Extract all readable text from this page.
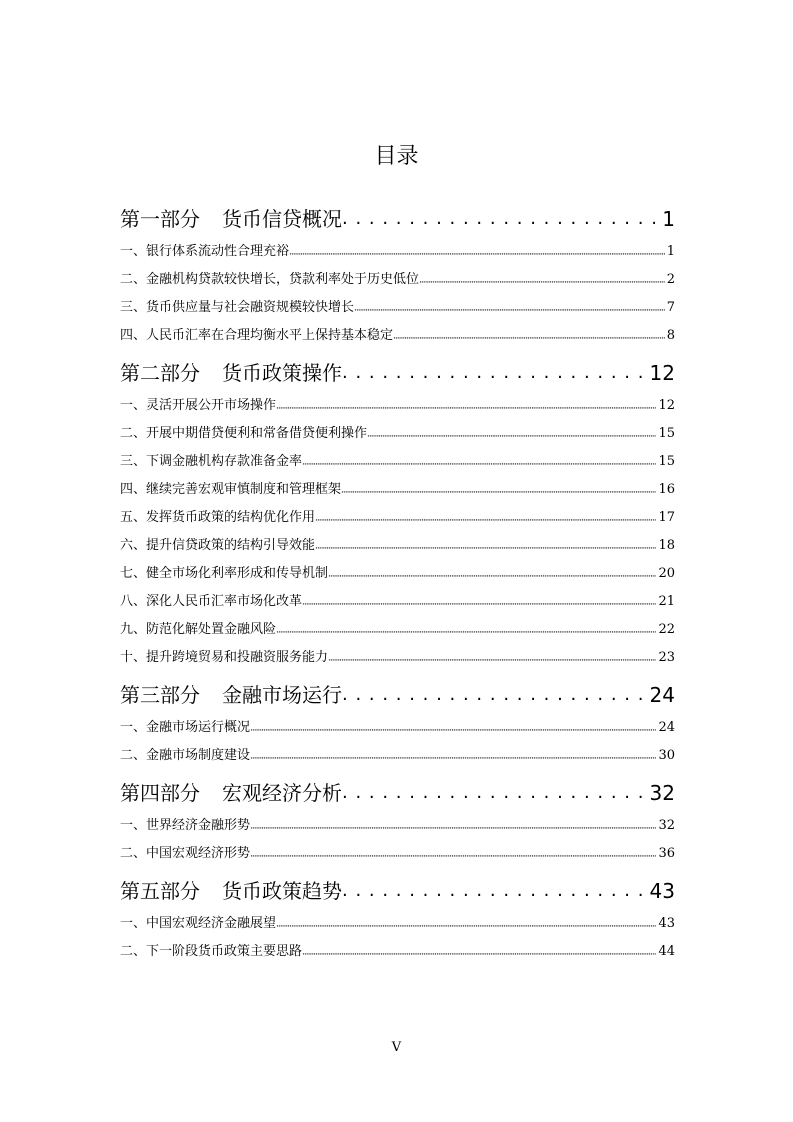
目录
第一部分 货币信贷概况 . . .	1
一、银行体系流动性合理充裕 ·····	1
二、金融机构贷款较快增长，贷款利率处于历史低位 ·····	2
三、货币供应量与社会融资规模较快增长 ·····	7
四、人民币汇率在合理均衡水平上保持基本稳定 ·····	8
第二部分 货币政策操作 . . .	12
一、灵活开展公开市场操作 ·····	12
二、开展中期借贷便利和常备借贷便利操作 ·····	15
三、下调金融机构存款准备金率 ·····	15
四、继续完善宏观审慎制度和管理框架 ·····	16
五、发挥货币政策的结构优化作用 ·····	17
六、提升信贷政策的结构引导效能 ·····	18
七、健全市场化利率形成和传导机制 ·····	20
八、深化人民币汇率市场化改革 ·····	21
九、防范化解处置金融风险 ·····	22
十、提升跨境贸易和投融资服务能力 ·····	23
第三部分 金融市场运行 . . .	24
一、金融市场运行概况 ·····	24
二、金融市场制度建设 ·····	30
第四部分 宏观经济分析 . . .	32
一、世界经济金融形势 ·····	32
二、中国宏观经济形势 ·····	36
第五部分 货币政策趋势 . . .	43
一、中国宏观经济金融展望 ·····	43
二、下一阶段货币政策主要思路 ·····	44
V
